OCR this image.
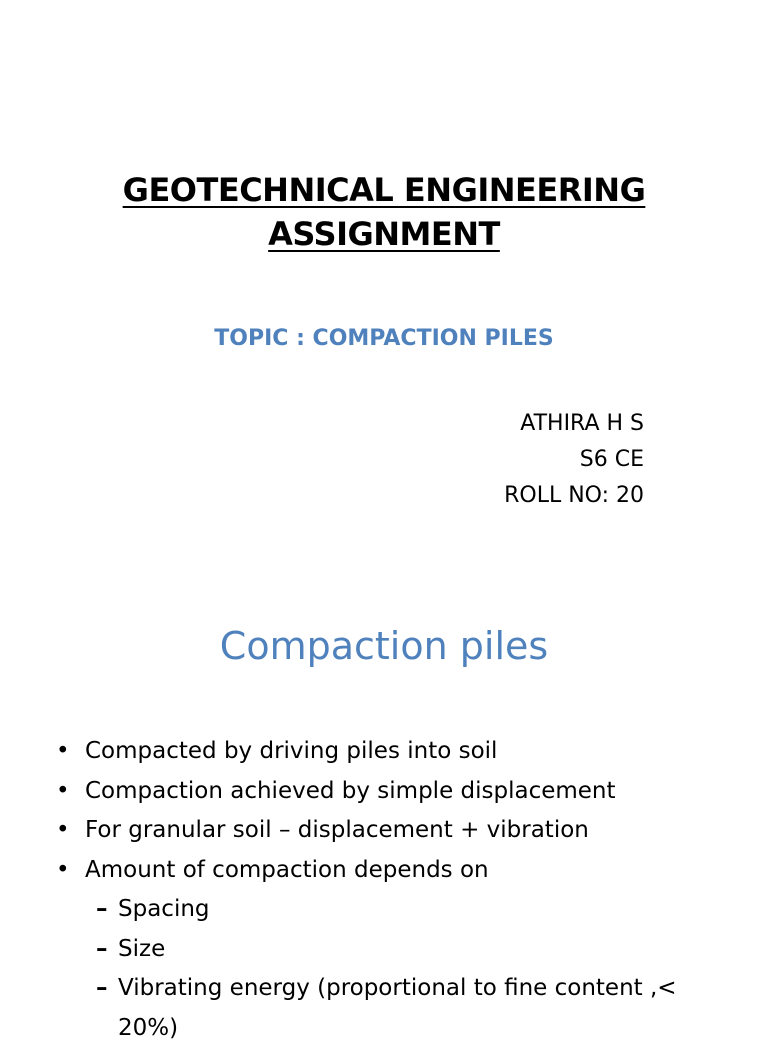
GEOTECHNICAL ENGINEERING
ASSIGNMENT
TOPIC : COMPACTION PILES
ATHIRA H S
S6 CE
ROLL NO: 20
Compaction piles
• Compacted by driving piles into soil
• Compaction achieved by simple displacement
• For granular soil – displacement + vibration
• Amount of compaction depends on
– Spacing
– Size
– Vibrating energy (proportional to fine content ,< 20%)
